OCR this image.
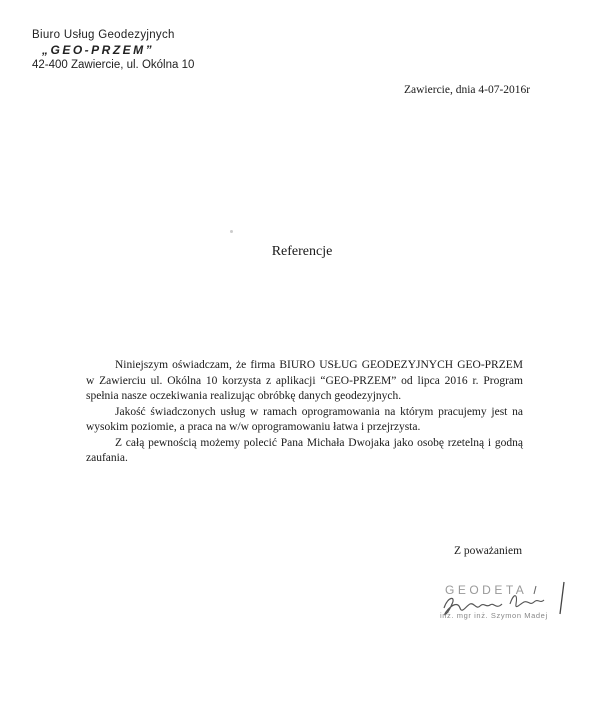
Biuro Usług Geodezyjnych
„GEO-PRZEM”
42-400 Zawiercie, ul. Okólna 10
Zawiercie, dnia 4-07-2016r
Referencje

Niniejszym oświadczam, że firma BIURO USŁUG GEODEZYJNYCH GEO-PRZEM w Zawierciu ul. Okólna 10 korzysta z aplikacji “GEO-PRZEM” od lipca 2016 r. Program spełnia nasze oczekiwania realizując obróbkę danych geodezyjnych.

Jakość świadczonych usług w ramach oprogramowania na którym pracujemy jest na wysokim poziomie, a praca na w/w oprogramowaniu łatwa i przejrzysta.

Z całą pewnością możemy polecić Pana Michała Dwojaka jako osobę rzetelną i godną zaufania.

Z poważaniem
GEODETA
inż. mgr inż. Szymon Madej
